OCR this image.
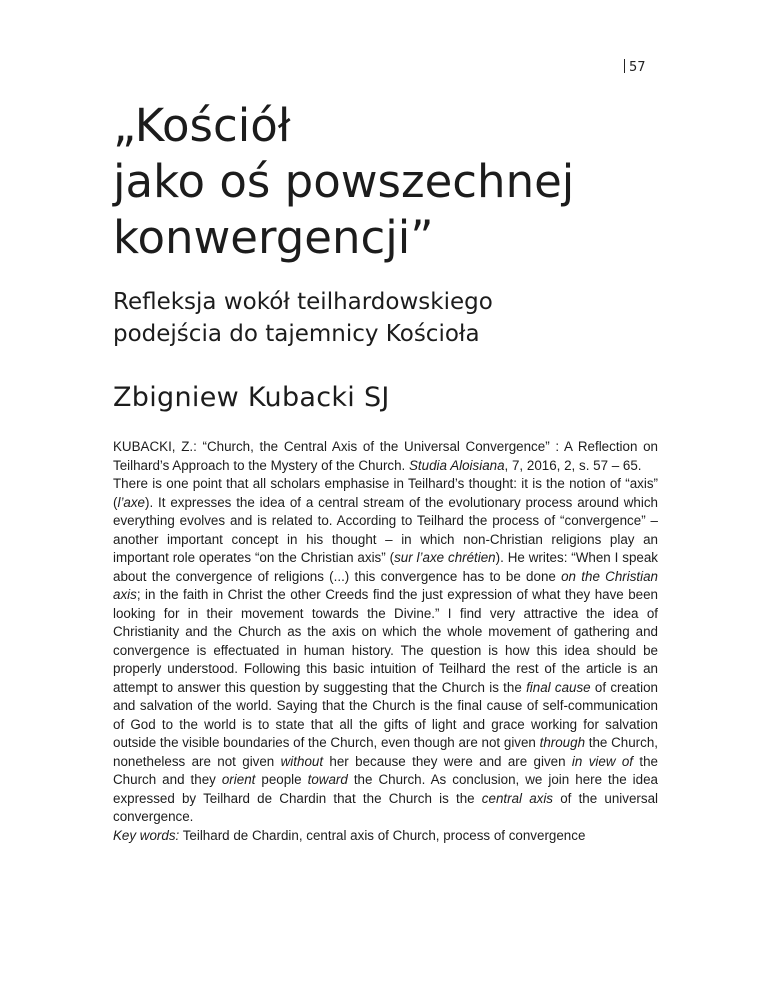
57
„Kościół
jako oś powszechnej
konwergencji”
Refleksja wokół teilhardowskiego
podejścia do tajemnicy Kościoła
Zbigniew Kubacki SJ

KUBACKI, Z.: “Church, the Central Axis of the Universal Convergence” : A Reflection on Teilhard’s Approach to the Mystery of the Church. Studia Aloisiana, 7, 2016, 2, s. 57 – 65.

There is one point that all scholars emphasise in Teilhard’s thought: it is the notion of “axis” (l’axe). It expresses the idea of a central stream of the evolutionary process around which everything evolves and is related to. According to Teilhard the process of “convergence” – another important concept in his thought – in which non-Christian religions play an important role operates “on the Christian axis” (sur l’axe chrétien). He writes: “When I speak about the convergence of religions (...) this convergence has to be done on the Christian axis; in the faith in Christ the other Creeds find the just expression of what they have been looking for in their movement towards the Divine.” I find very attractive the idea of Christianity and the Church as the axis on which the whole movement of gathering and convergence is effectuated in human history. The question is how this idea should be properly understood. Following this basic intuition of Teilhard the rest of the article is an attempt to answer this question by suggesting that the Church is the final cause of creation and salvation of the world. Saying that the Church is the final cause of self-communication of God to the world is to state that all the gifts of light and grace working for salvation outside the visible boundaries of the Church, even though are not given through the Church, nonetheless are not given without her because they were and are given in view of the Church and they orient people toward the Church. As conclusion, we join here the idea expressed by Teilhard de Chardin that the Church is the central axis of the universal convergence.

Key words: Teilhard de Chardin, central axis of Church, process of convergence
